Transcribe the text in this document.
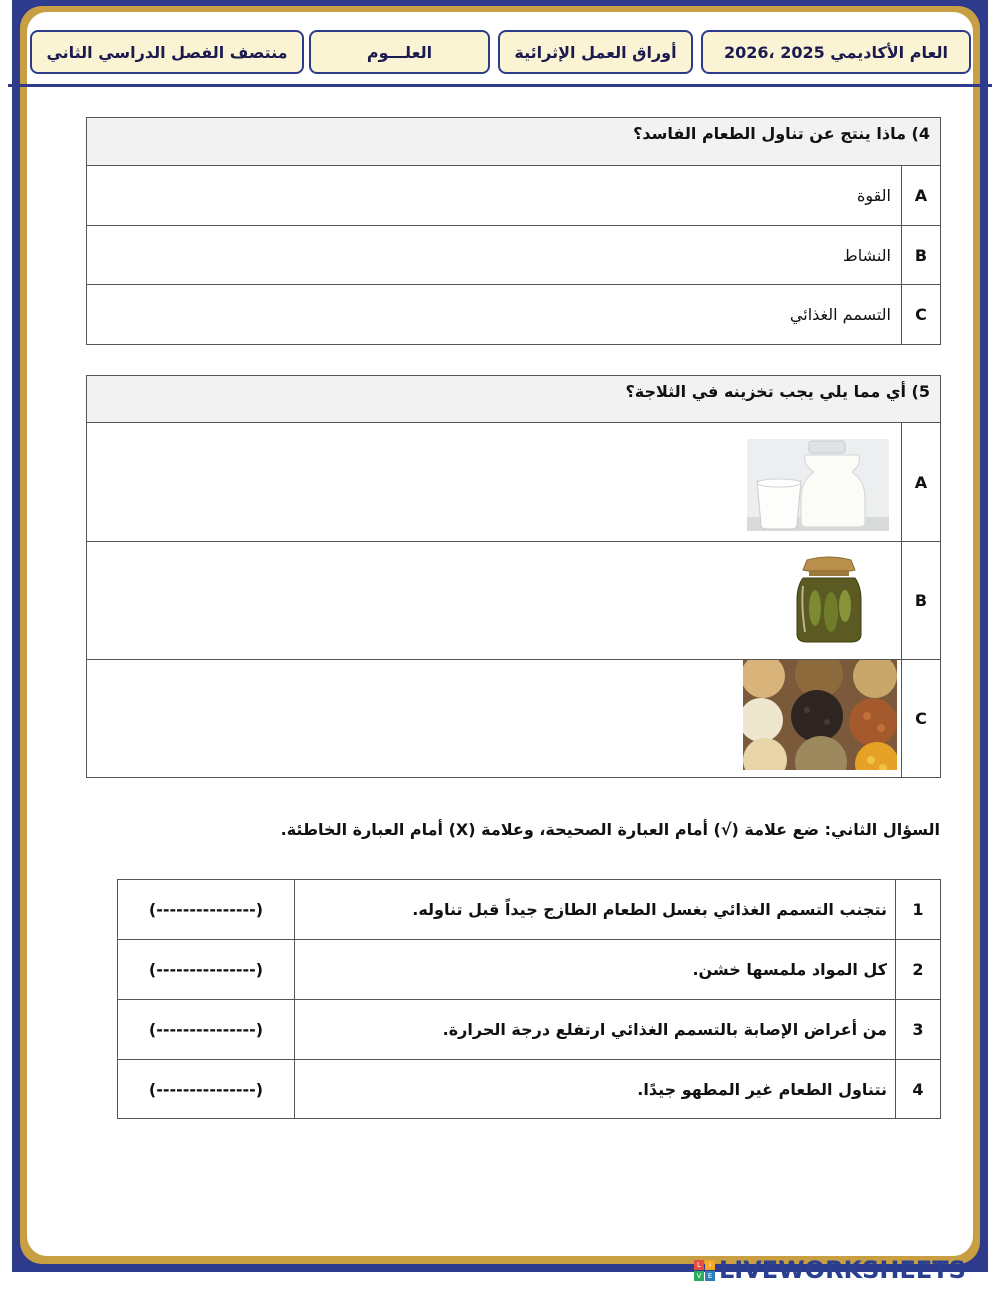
العام الأكاديمي 2025 ،2026
أوراق العمل الإثرائية
العلـــوم
منتصف الفصل الدراسي الثاني
4) ماذا ينتج عن تناول الطعام الفاسد؟	
A	القوة
B	النشاط
C	التسمم الغذائي
5) أي مما يلي يجب تخزينه في الثلاجة؟	
A	

B	

C	
السؤال الثاني: ضع علامة (√) أمام العبارة الصحيحة، وعلامة (X) أمام العبارة الخاطئة.
1	نتجنب التسمم الغذائي بغسل الطعام الطازج جيداً قبل تناوله.	(---------------)
2	كل المواد ملمسها خشن.	(---------------)
3	من أعراض الإصابة بالتسمم الغذائي ارتفلع درجة الحرارة.	(---------------)
4	نتناول الطعام غير المطهو جيدًا.	(---------------)
L	I
V E LIVEWORKSHEETS
